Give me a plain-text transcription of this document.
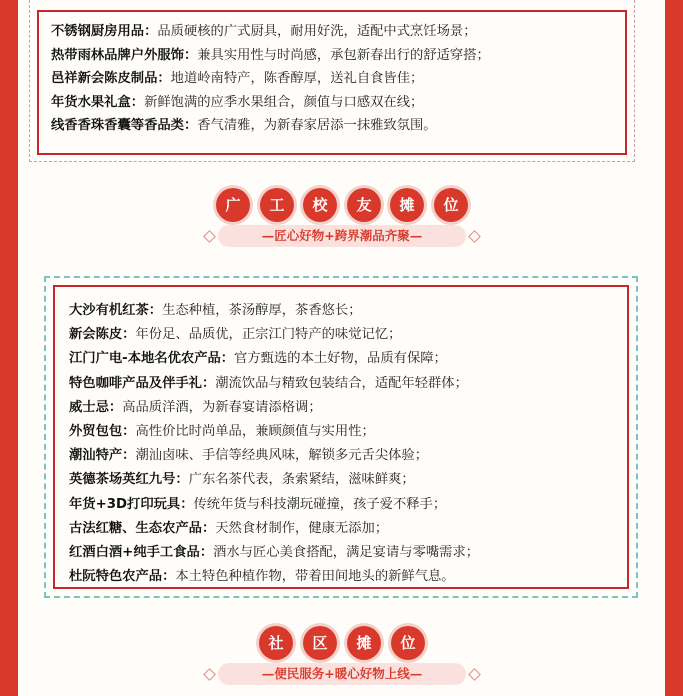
不锈钢厨房用品：品质硬核的广式厨具，耐用好洗，适配中式烹饪场景；
热带雨林品牌户外服饰：兼具实用性与时尚感，承包新春出行的舒适穿搭；
邑祥新会陈皮制品：地道岭南特产，陈香醇厚，送礼自食皆佳；
年货水果礼盒：新鲜饱满的应季水果组合，颜值与口感双在线；
线香香珠香囊等香品类：香气清雅，为新春家居添一抹雅致氛围。
广	工	校	友	摊	位
—匠心好物+跨界潮品齐聚—
大沙有机红茶：生态种植，茶汤醇厚，茶香悠长；
新会陈皮：年份足、品质优，正宗江门特产的味觉记忆；
江门广电-本地名优农产品：官方甄选的本土好物，品质有保障；
特色咖啡产品及伴手礼：潮流饮品与精致包装结合，适配年轻群体；
威士忌：高品质洋酒，为新春宴请添格调；
外贸包包：高性价比时尚单品，兼顾颜值与实用性；
潮汕特产：潮汕卤味、手信等经典风味，解锁多元舌尖体验；
英德茶场英红九号：广东名茶代表，条索紧结，滋味鲜爽；
年货+3D打印玩具：传统年货与科技潮玩碰撞，孩子爱不释手；
古法红糖、生态农产品：天然食材制作，健康无添加；
红酒白酒+纯手工食品：酒水与匠心美食搭配，满足宴请与零嘴需求；
杜阮特色农产品：本土特色种植作物，带着田间地头的新鲜气息。
社	区	摊	位
—便民服务+暖心好物上线—
